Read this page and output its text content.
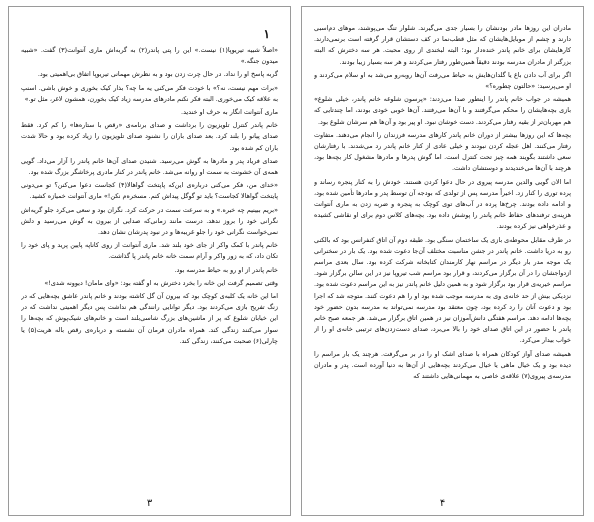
۱

«اصلاً شبیه تیریوپا(۱) نیست.» این را پتی پاندر(۲) به گربه‌اش ماری آنتوانت(۳) گفت. «شبیه میدون جنگه.»

گربه پاسخ او را نداد. در حال چرت زدن بود و به نظرش مهمانی تیریوپا اتفاق بی‌اهمیتی بود.

«برات مهم نیست، نه؟» با خودت فکر می‌کنی یه ما چه؟ بذار کیک بخوری و خوش باشی. اسنپ به علاقه کیک می‌خوری. البته فکر نکنم مادرهای مدرسه زیاد کیک بخورن، همشون لاغر، مثل تو.»

ماری آنتوانت انگار به حرف او خندید.

خانم پاندر کنترل تلویزیون را برداشت و صدای برنامه‌ی «رقص با ستاره‌ها» را کم کرد. فقط صدای پیانو را بلند کرد. بعد صدای باران را نشنود صدای تلویزیون را زیاد کرده بود و حالا شدت باران کم شده بود.

صدای فریاد پدر و مادرها به گوش می‌رسید. شنیدن صدای آن‌ها خانم پاندر را آزار می‌داد. گویی همه‌ی آن خشونت به سمت او روانه می‌شد. خانم پاندر در کنار مادری پرخاشگر بزرگ شده بود.

«خدای من، فکر می‌کنی درباره‌ی این‌که پاپتخت گواهالا(۴) کجاست دعوا می‌کنن؟ تو می‌دونی پایتخت گواهالا کجاست؟ باید تو گوگل پیداش کنم. مسخره‌م نکن!» ماری آنتوانت خمیازه کشید.

«بریم ببینیم چه خبره.» و به سرعت سمت در حرکت کرد. نگران بود و سعی می‌کرد جلو گریه‌اش نگرانی خود را بروز ندهد. درست مانند زمانی‌که صدایی از بیرون به گوش می‌رسید و دلش نمی‌خواست نگرانی خود را جلو غریبه‌ها و در نبود پدرشان نشان دهد.

خانم پاندر با کمک واکر از جای خود بلند شد. ماری آنتوانت از روی کاناپه پایین پرید و پای خود را تکان داد، که به زور واکر و آرام سمت خانه خانم پاندر پا گذاشت.

خانم پاندر از او رو به حیاط مدرسه بود.

وقتی تصمیم گرفت این خانه را بخرد دخترش به او گفته بود: «وای مامان! دیوونه شدی!»

اما این خانه یک کلبه‌ی کوچک بود که بیرون آن گل کاشته بودند و خانم پاندر عاشق بچه‌هایی که در زنگ تفریح بازی می‌کردند بود. دیگر توانایی رانندگی هم نداشت پس دیگر اهمیتی نداشت که در این خیابان شلوغ که پر از ماشین‌های بزرگ شاسی‌بلند است و خانم‌های شیک‌پوش که بچه‌ها را سوار می‌کنند زندگی کند. همراه مادران فرمان آن نشسته و درباره‌ی رقص باله هریت(۵) یا چارلی(۶) صحبت می‌کنند، زندگی کند.

۳

مادران این روزها مادر بودنشان را بسیار جدی می‌گیرند. شلوار تنگ می‌پوشند، موهای دم‌اسبی دارند و چشم از موبایل‌هایشان که مثل قطب‌نما در کف دستشان قرار گرفته است برنمی‌دارند. کارهایشان برای خانم پاندر خنده‌دار بود؛ البته لبخندی از روی محبت. هر سه دخترش که البته بزرگتر از مادران مدرسه بودند دقیقاً همین‌طور رفتار می‌کردند و هر سه بسیار زیبا بودند.

اگر برای آب دادن باغ یا گلدان‌هایش به حیاط می‌رفت آن‌ها روبه‌رو می‌شد به او سلام می‌کردند و او می‌پرسید: «حالتون چطوره؟»

همیشه در جواب خانم پاندر را اینطور صدا می‌زدند: «پرسون شلوغه خانم پاندر، خیلی شلوغ» بازی بچه‌هایشان را محکم می‌گرفتند و با آن‌ها می‌رفتند. آن‌ها خوبی خودی بودند، اما چندتایی که هم مهربان‌تر از بقیه رفتار می‌کردند. دست خوشان نبود. او پیر بود و آن‌ها هم سرشان شلوغ بود.

بچه‌ها که این روزها بیشتر از دوران خانم پاندر کارهای مدرسه فرزندان را انجام می‌دهند. متفاوت رفتار می‌کنند. اهل عجله کردن نبودند و خیلی عادی از کنار خانم پاندر رد می‌شدند. با رفتارشان سعی داشتند بگویند همه چیز تحت کنترل است. اما گوش پدرها و مادرها مشغول کار بچه‌ها بود، هرچند با آن‌ها می‌خندیدند و دوستشان داشت.

اما الان گویی والدین مدرسه پیروی در حال دعوا کردن هستند. خودش را به کنار پنجره رساند و پرده توری را کنار زد. اخیراً مدرسه پس از تولدی که بودجه آن توسط پدر و مادرها تأمین شده بود، و ادامه داده بودند. چرخ‌ها پرده در آب‌های توی کوچک به پنجره و ضربه زدن به ماری آنتوانت هزینه‌ی ترفندهای حفاظ خانم پاندر را پوشش داده بود. بچه‌های کلاس دوم برای او نقاشی کشیده و عذرخواهی نیز کرده بودند.

در طرف مقابل محوطه‌ی بازی یک ساختمان سنگی بود. طبقه دوم آن اتاق کنفرانس بود که بالکنی رو به دریا داشت. خانم پاندر در جشن مناسبت مختلف آن‌جا دعوت شده بود. یک بار در سخنرانی یک موجه مدر بار دیگر در مراسم نهار کارمندان کتابخانه شرکت کرده بود. سال بعدی مراسم ازدواجشان را در آن برگزار می‌کردند، و قرار بود مراسم شب تیروپا نیز در این سالن برگزار شود. مراسم خیریه‌ی قرار بود برگزار شود و به همین دلیل خانم پاندر نیز به این مراسم دعوت شده بود. نزدیکی بیش از حد خانه‌ی وی به مدرسه موجب شده بود او را هم دعوت کنند. متوجه شد که اجرا بود و دعوت آنان را رد کرده بود، چون معتقد بود مدرسه نمی‌تواند به مدرسه بدون حضور خود بچه‌ها ادامه دهد. مراسم هفتگی دانش‌آموزان نیز در همین اتاق برگزار می‌شد. هر جمعه صبح خانم پاندر با حضور در این اتاق صدای خود را بالا می‌برد، صدای دست‌زدن‌های ترتیبی خانه‌ی او را از خواب بیدار می‌کرد.

همیشه صدای آواز کودکان همراه با صدای اشک او را در بر می‌گرفت. هرچند یک بار مراسم را دیده بود و یک خیال ماهی یا خیال می‌کردند بچه‌هایی از آن‌ها به دنیا آورده است. پدر و مادران مدرسه‌ی پیروی(۷) علاقه‌ی خاصی به مهمانی‌هایی داشتند که

۴
